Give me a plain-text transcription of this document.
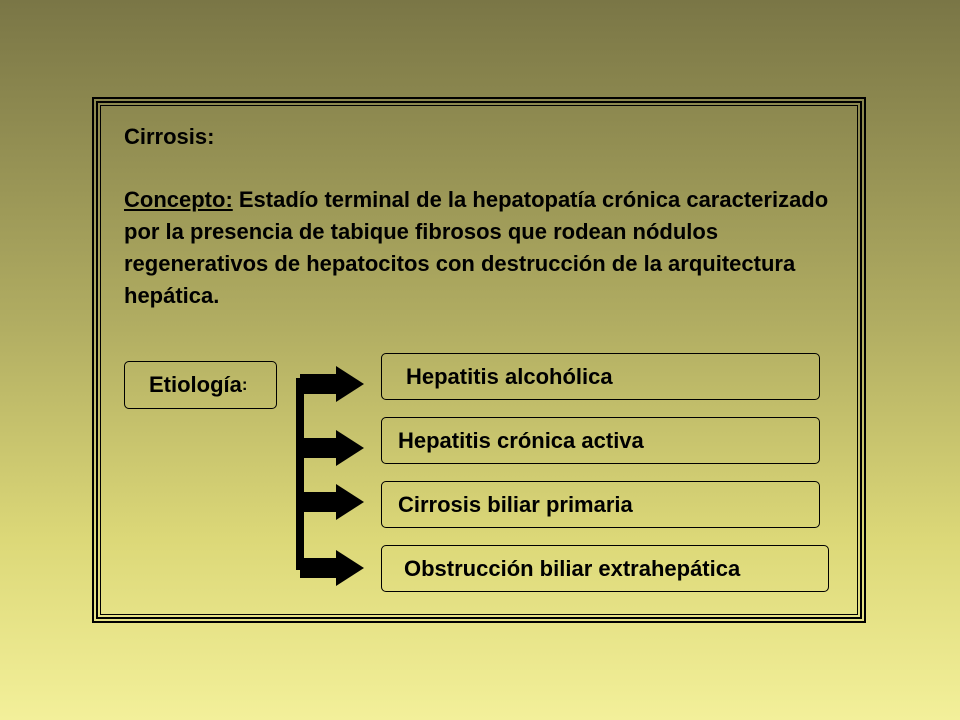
Cirrosis:
Concepto: Estadío terminal de la hepatopatía crónica caracterizado por la presencia de tabique fibrosos que rodean nódulos regenerativos de hepatocitos con destrucción de la arquitectura hepática.
Etiología :	Hepatitis alcohólica
Hepatitis crónica activa
Cirrosis biliar primaria
Obstrucción biliar extrahepática
